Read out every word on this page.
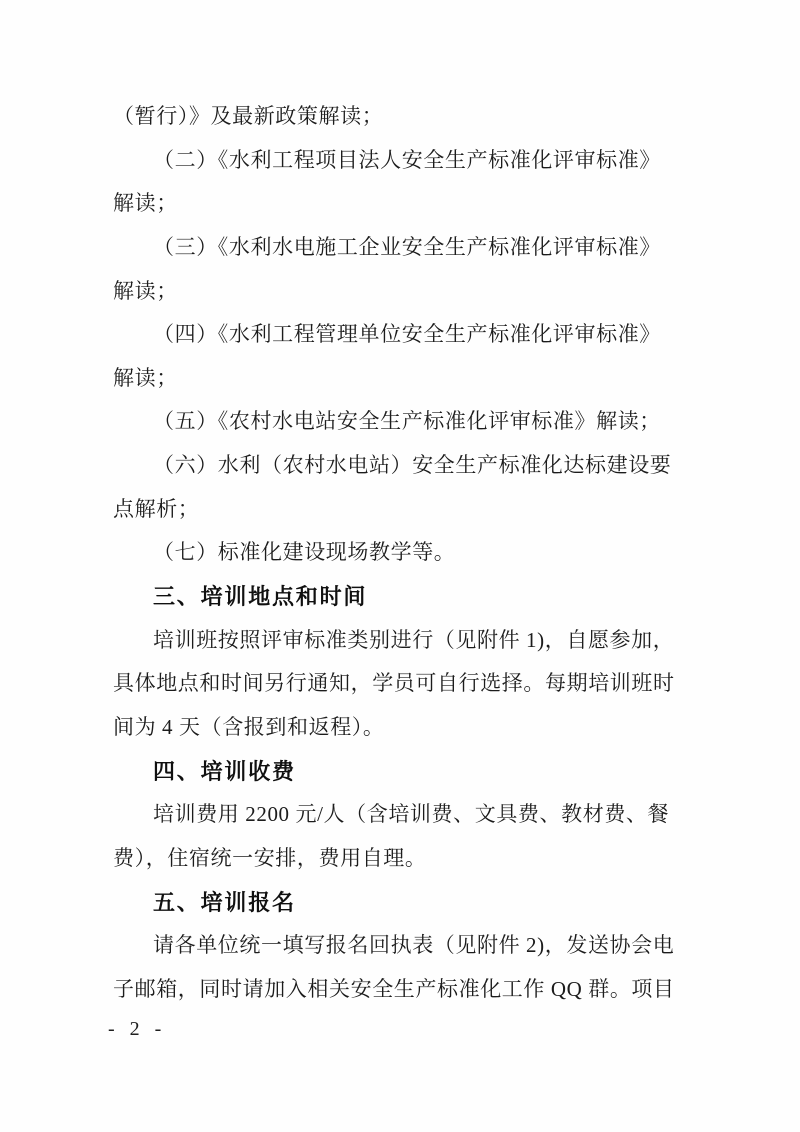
（暂行）》及最新政策解读；
（二）《水利工程项目法人安全生产标准化评审标准》
解读；
（三）《水利水电施工企业安全生产标准化评审标准》
解读；
（四）《水利工程管理单位安全生产标准化评审标准》
解读；
（五）《农村水电站安全生产标准化评审标准》解读；
（六）水利（农村水电站）安全生产标准化达标建设要
点解析；
（七）标准化建设现场教学等。
三、培训地点和时间
培训班按照评审标准类别进行（见附件 1)，自愿参加，
具体地点和时间另行通知，学员可自行选择。每期培训班时
间为 4 天（含报到和返程）。
四、培训收费
培训费用 2200 元/人（含培训费、文具费、教材费、餐
费），住宿统一安排，费用自理。
五、培训报名
请各单位统一填写报名回执表（见附件 2)，发送协会电
子邮箱，同时请加入相关安全生产标准化工作 QQ 群。项目
- 2 -
